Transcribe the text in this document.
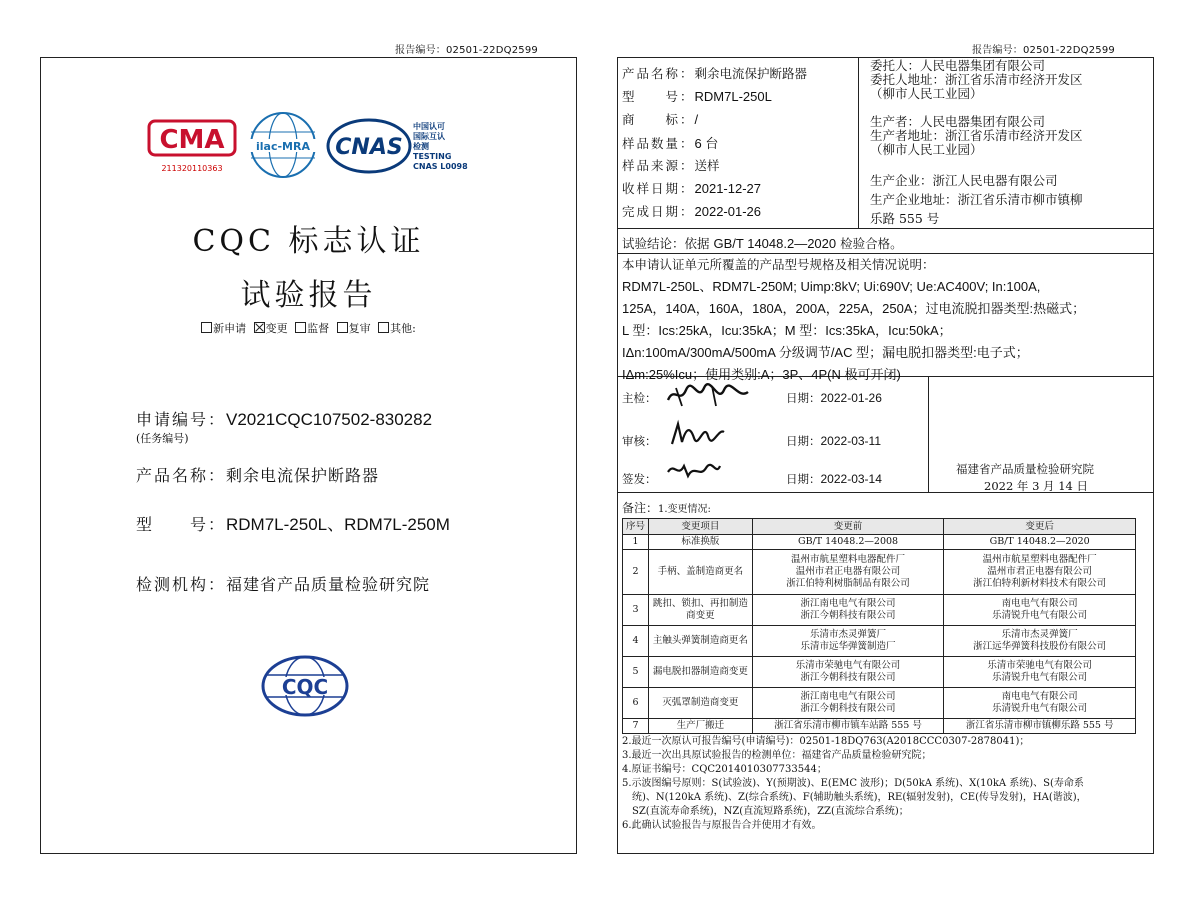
报告编号：02501-22DQ2599	报告编号：02501-22DQ2599
CMA
211320110363
ilac-MRA CNAS
中国认可
国际互认
检测
TESTING
CNAS L0098
CQC 标志认证
试验报告
新申请 变更 监督 复审 其他:
申请编号：V2021CQC107502-830282
(任务编号)
产品名称：剩余电流保护断路器
型　　号：RDM7L-250L、RDM7L-250M
检测机构：福建省产品质量检验研究院
CQC
产品名称：剩余电流保护断路器
型　　号：RDM7L-250L
商　　标：/
样品数量：6 台
样品来源：送样
收样日期：2021-12-27
完成日期：2022-01-26
委托人：人民电器集团有限公司
委托人地址：浙江省乐清市经济开发区
（柳市人民工业园）
生产者：人民电器集团有限公司
生产者地址：浙江省乐清市经济开发区
（柳市人民工业园）
生产企业：浙江人民电器有限公司
生产企业地址：浙江省乐清市柳市镇柳
乐路 555 号
试验结论：依据 GB/T 14048.2—2020 检验合格。
本申请认证单元所覆盖的产品型号规格及相关情况说明：
RDM7L-250L、RDM7L-250M; Uimp:8kV; Ui:690V; Ue:AC400V; In:100A,
125A，140A，160A，180A，200A，225A，250A；过电流脱扣器类型:热磁式；
L 型：Ics:25kA，Icu:35kA；M 型：Ics:35kA，Icu:50kA；
IΔn:100mA/300mA/500mA 分级调节/AC 型；漏电脱扣器类型:电子式；
IΔm:25%Icu；使用类别:A；3P、4P(N 极可开闭)
主检：	日期：2022-01-26
审核：	日期：2022-03-11
签发：	日期：2022-03-14
福建省产品质量检验研究院
2022 年 3 月 14 日
备注：1.变更情况:
序号	变更项目	变更前	变更后
1	标准换版	GB/T 14048.2—2008	GB/T 14048.2—2020
2	手柄、盖制造商更名	温州市航星塑料电器配件厂
温州市君正电器有限公司
浙江伯特利树脂制品有限公司	温州市航星塑料电器配件厂
温州市君正电器有限公司
浙江伯特利新材料技术有限公司
3	跳扣、锁扣、再扣制造商变更	浙江南电电气有限公司
浙江今朝科技有限公司	南电电气有限公司
乐清锐升电气有限公司
4	主触头弹簧制造商更名	乐清市杰灵弹簧厂
乐清市远华弹簧制造厂	乐清市杰灵弹簧厂
浙江远华弹簧科技股份有限公司
5	漏电脱扣器制造商变更	乐清市荣驰电气有限公司
浙江今朝科技有限公司	乐清市荣驰电气有限公司
乐清锐升电气有限公司
6	灭弧罩制造商变更	浙江南电电气有限公司
浙江今朝科技有限公司	南电电气有限公司
乐清锐升电气有限公司
7	生产厂搬迁	浙江省乐清市柳市镇车站路 555 号	浙江省乐清市柳市镇柳乐路 555 号
2.最近一次原认可报告编号(申请编号)：02501-18DQ763(A2018CCC0307-2878041)；
3.最近一次出具原试验报告的检测单位：福建省产品质量检验研究院；
4.原证书编号：CQC2014010307733544；
5.示波图编号原则：S(试验波)、Y(预期波)、E(EMC 波形)；D(50kA 系统)、X(10kA 系统)、S(寿命系
　统)、N(120kA 系统)、Z(综合系统)、F(辅助触头系统)，RE(辐射发射)，CE(传导发射)，HA(谐波)，
　SZ(直流寿命系统)，NZ(直流短路系统)，ZZ(直流综合系统)；
6.此确认试验报告与原报告合并使用才有效。
